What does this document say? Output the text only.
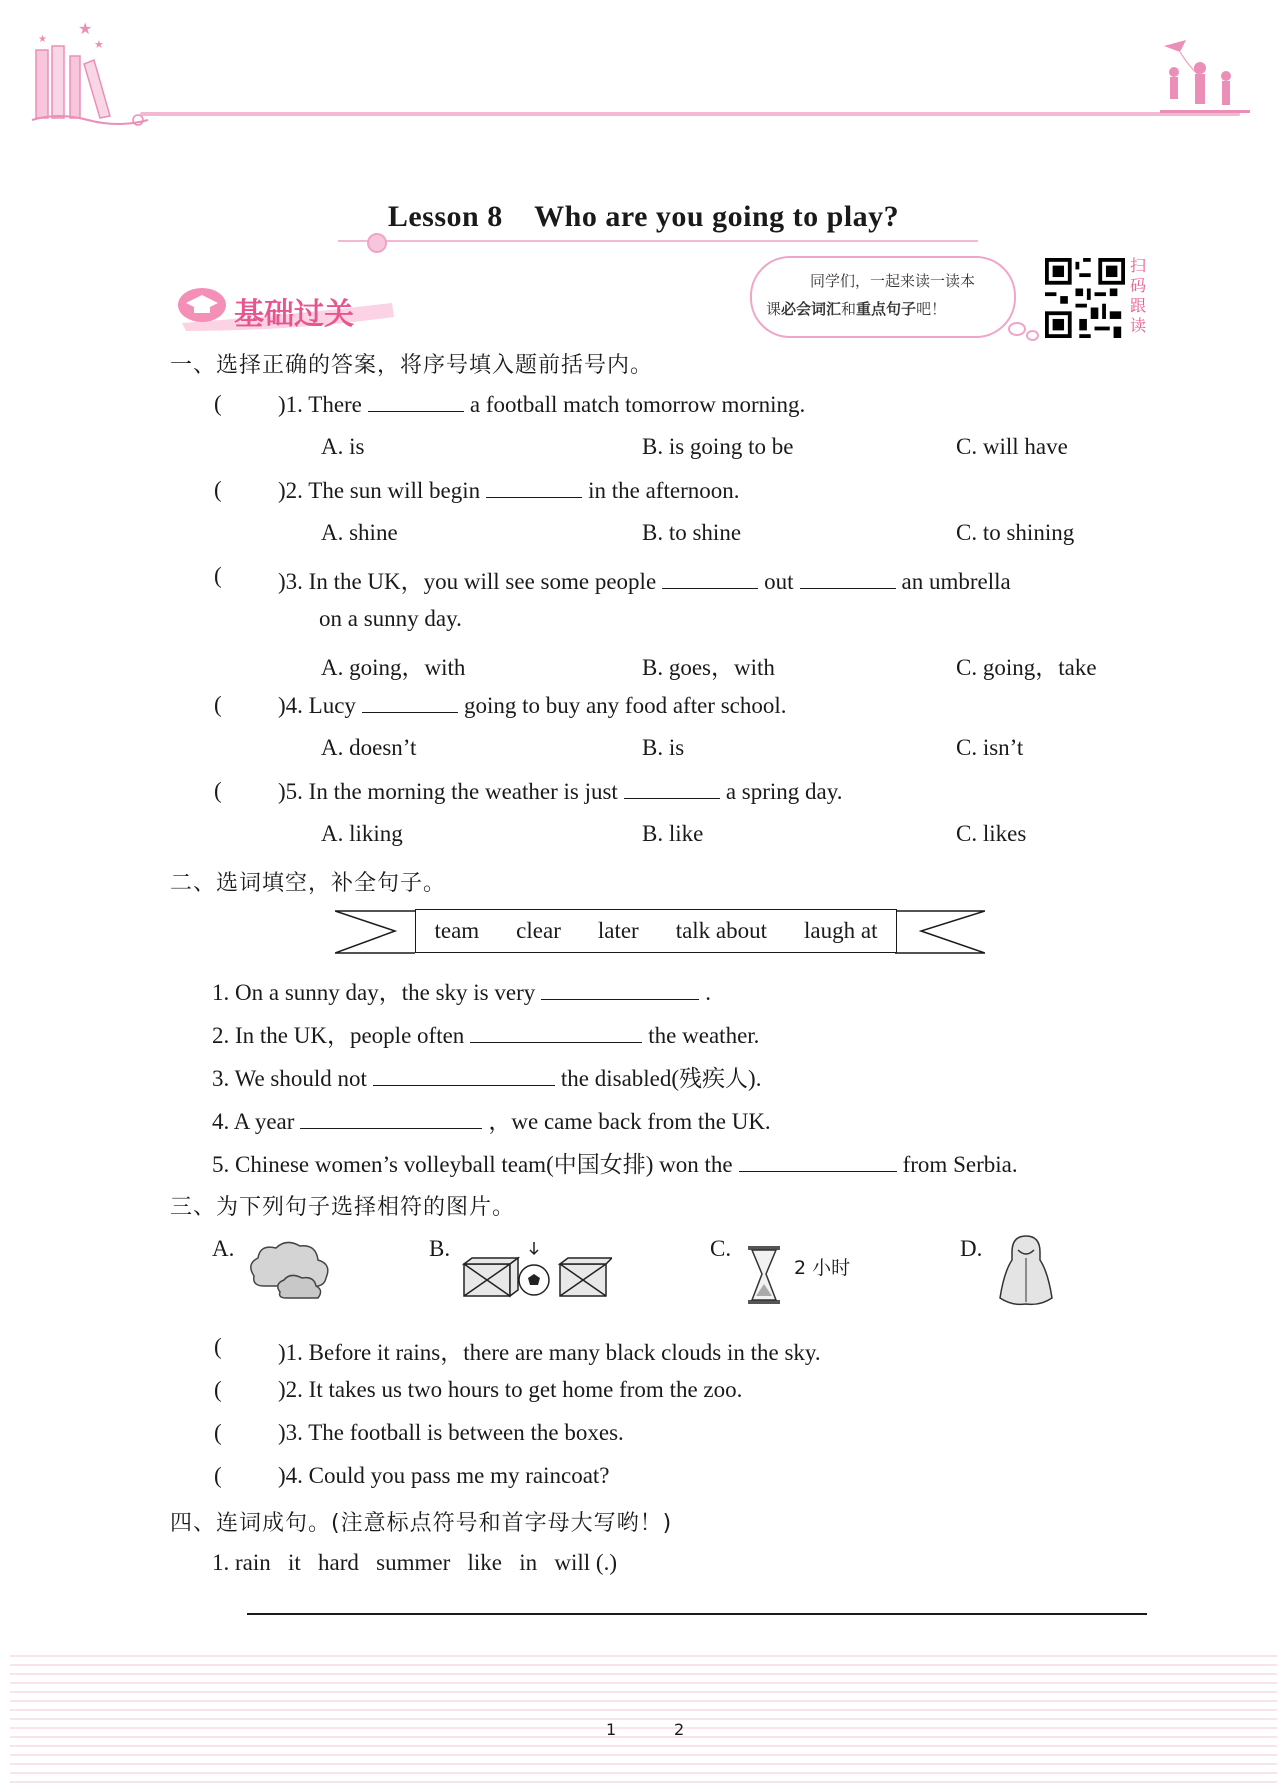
★
★
★
Lesson 8    Who are you going to play?
基础过关
同学们，一起来读一读本
课必会词汇和重点句子吧！
扫
码
跟
读
一、选择正确的答案，将序号填入题前括号内。
( )1. There	a football match tomorrow morning.
A. is	B. is going to be	C. will have
( )2. The sun will begin	in the afternoon.
A. shine	B. to shine	C. to shining
( )3. In the UK，you will see some people	out	an umbrella
on a sunny day.
A. going，with	B. goes，with	C. going，take
( )4. Lucy	going to buy any food after school.
A. doesn’t	B. is	C. isn’t
( )5. In the morning the weather is just	a spring day.
A. liking	B. like	C. likes
二、选词填空，补全句子。
team clear later talk about laugh at
1. On a sunny day，the sky is very	.
2. In the UK，people often	the weather.
3. We should not	the disabled(残疾人).
4. A year	，we came back from the UK.
5. Chinese women’s volleyball team(中国女排) won the	from Serbia.
三、为下列句子选择相符的图片。
A.	B.	C.
2 小时
D.
( )1. Before it rains，there are many black clouds in the sky.
( )2. It takes us two hours to get home from the zoo.
( )3. The football is between the boxes.
( )4. Could you pass me my raincoat?
四、连词成句。(注意标点符号和首字母大写哟！)
1. rain   it   hard   summer   like   in   will (.)
1	2
